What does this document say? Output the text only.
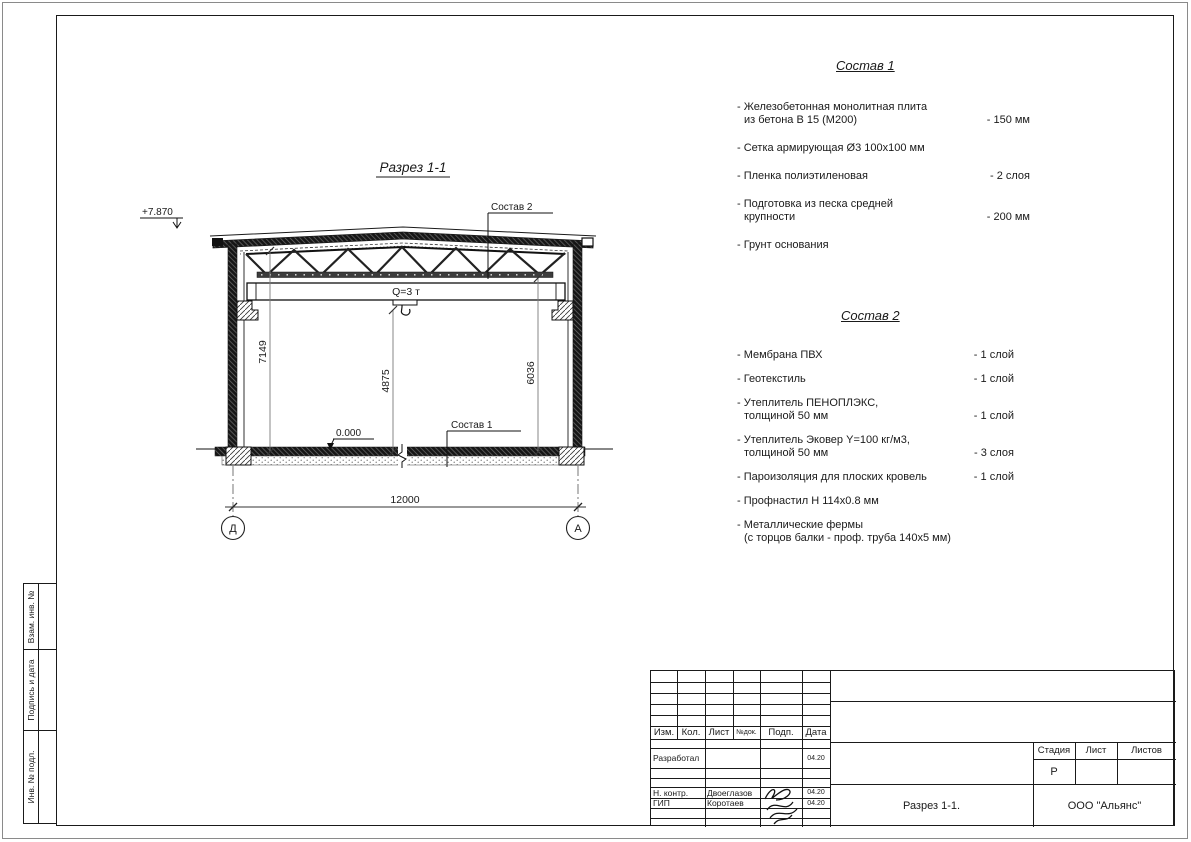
Взам. инв. №
Подпись и дата
Инв. № подл.
Разрез 1-1
Q=3 т
7149
4875	6036
+7.870
0.000
Состав 1
Состав 2
12000
Д	А
Состав 1
- Железобетонная монолитная плита
из бетона В 15 (М200)	- 150 мм
- Сетка армирующая Ø3 100х100 мм
- Пленка полиэтиленовая	- 2 слоя
- Подготовка из песка средней
крупности	- 200 мм
- Грунт основания
Состав 2
- Мембрана ПВХ	- 1 слой
- Геотекстиль	- 1 слой
- Утеплитель ПЕНОПЛЭКС,
толщиной 50 мм	- 1 слой
- Утеплитель Эковер Y=100 кг/м3,
толщиной 50 мм	- 3 слоя
- Пароизоляция для плоских кровель	- 1 слой
- Профнастил Н 114х0.8 мм
- Металлические фермы
(с торцов балки - проф. труба 140х5 мм)
Изм. Кол. Лист №док.	Подп.	Дата
Разработал	04.20
Н. контр.	Двоеглазов	04.20
ГИП	Коротаев	04.20
Стадия	Лист	Листов
Р
Разрез 1-1.	ООО "Альянс"
